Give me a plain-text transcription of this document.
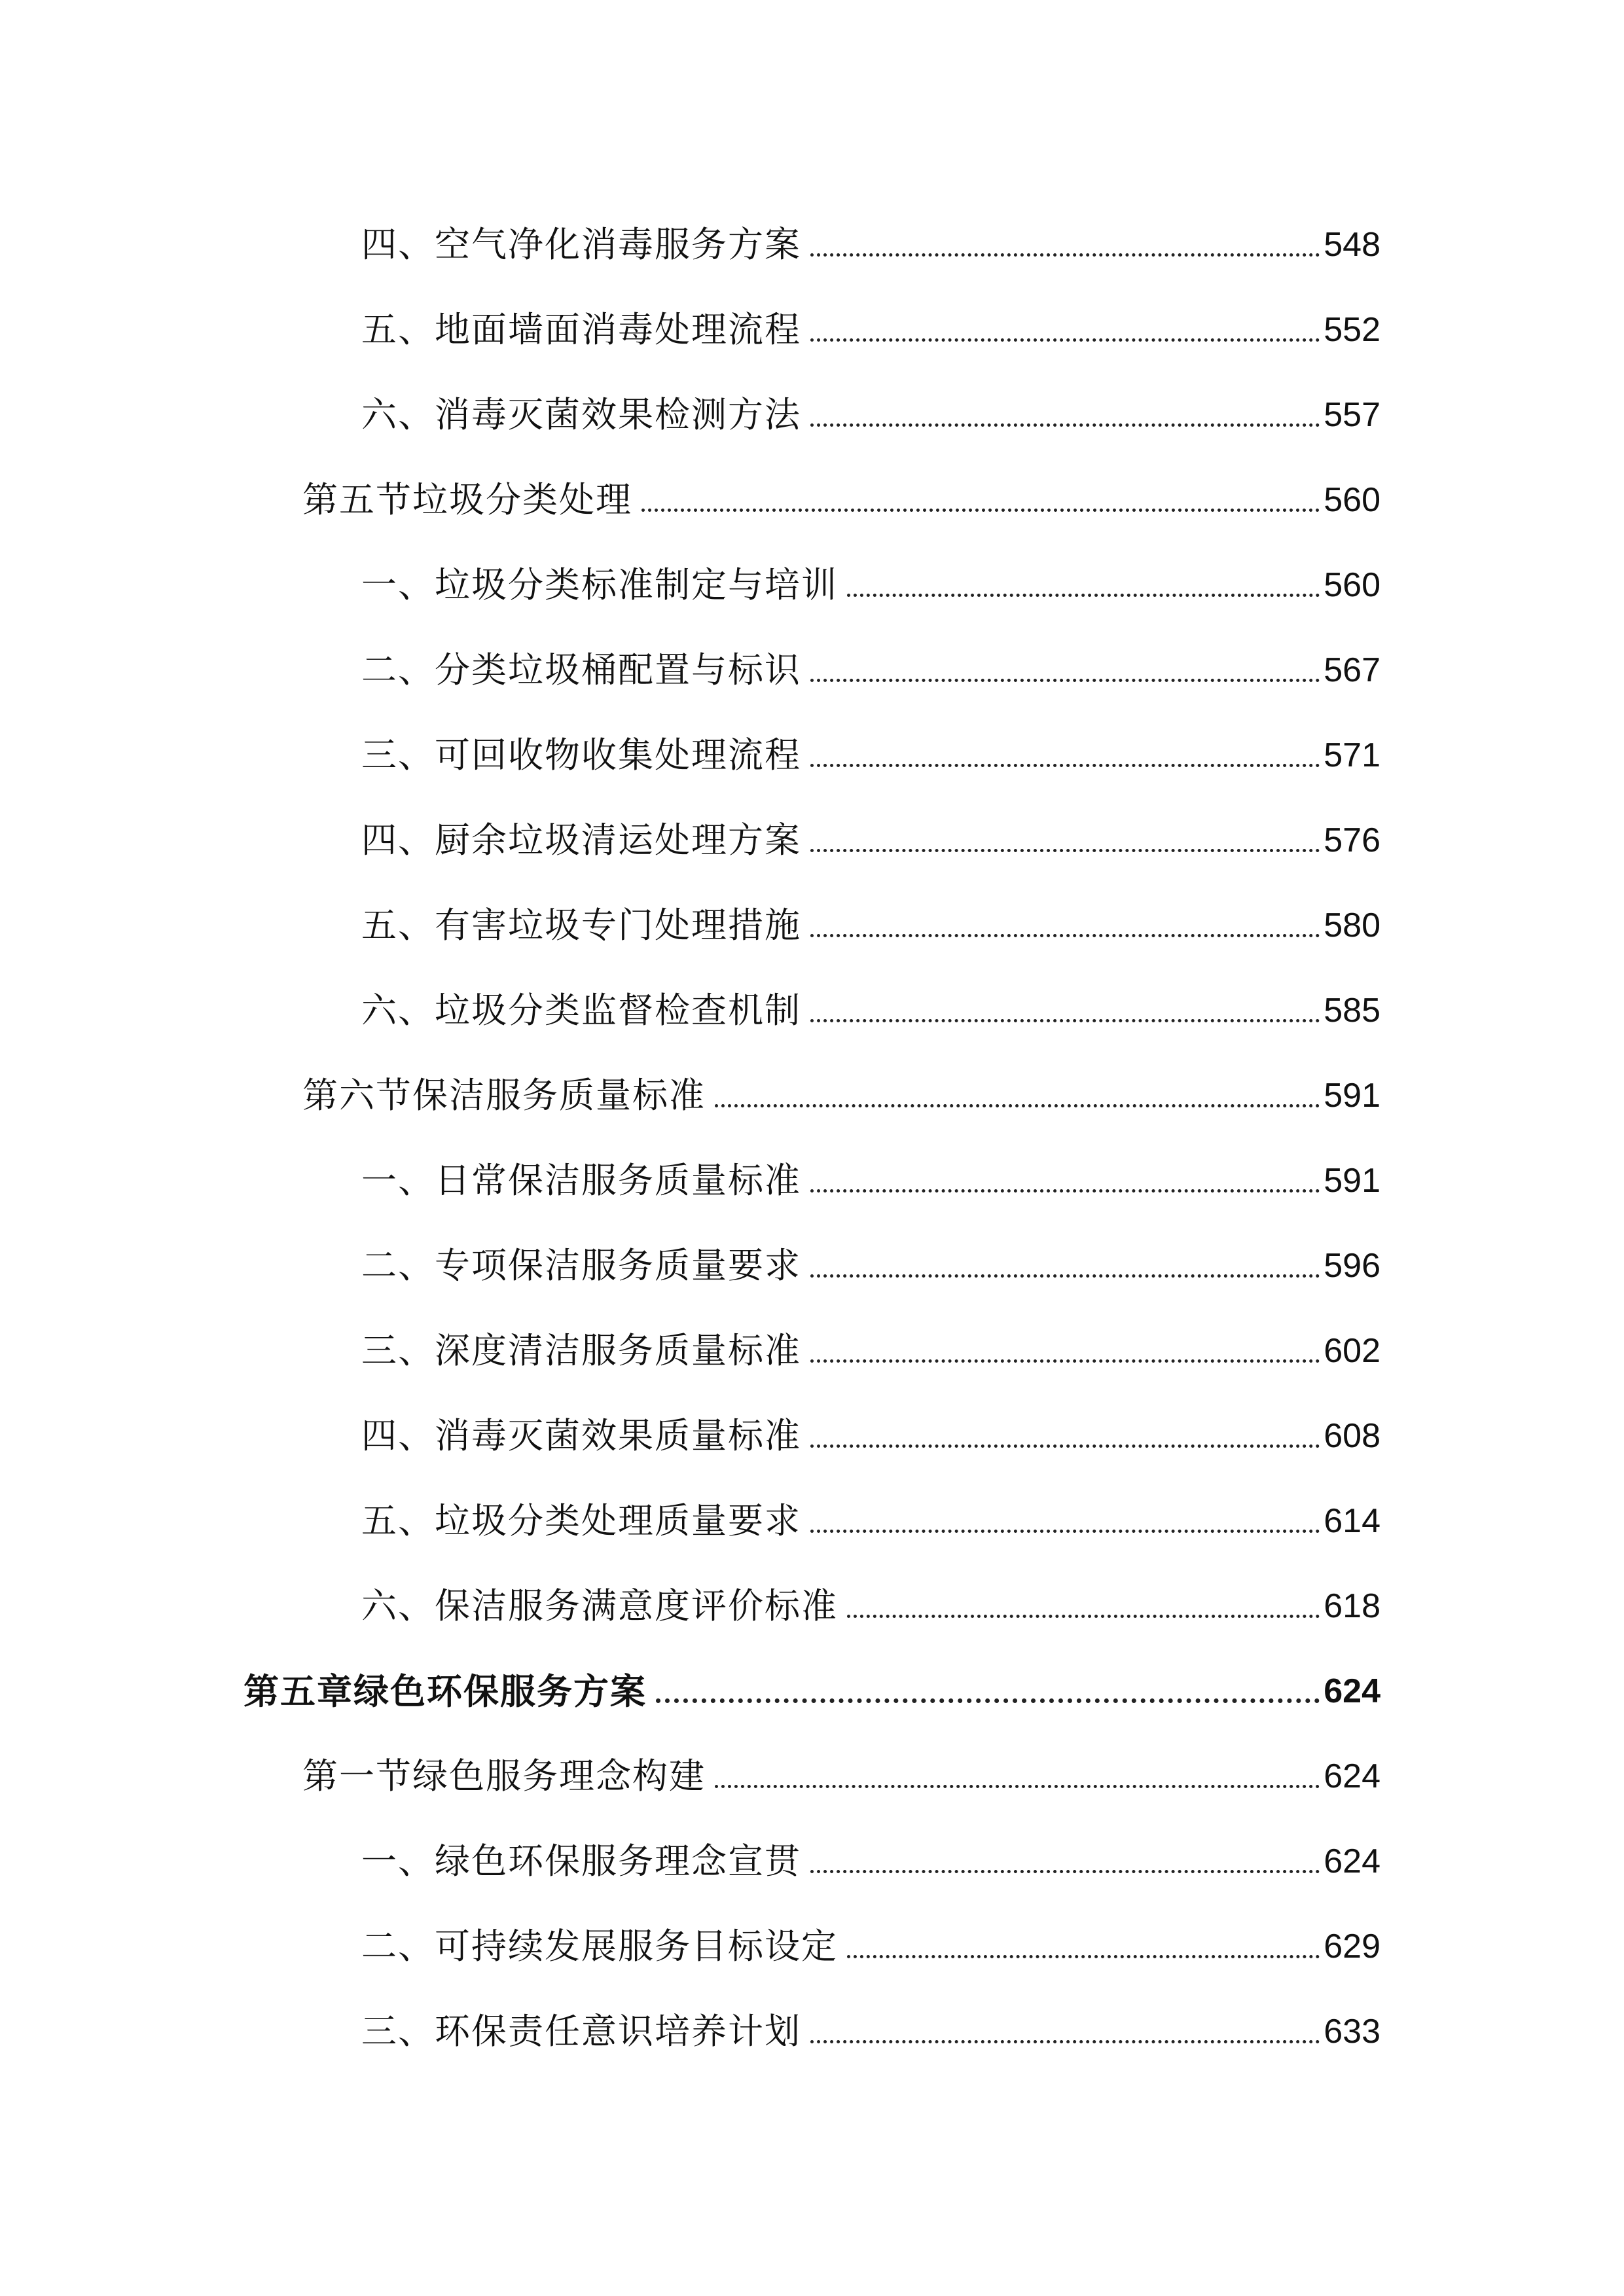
四、空气净化消毒服务方案	548
五、地面墙面消毒处理流程	552
六、消毒灭菌效果检测方法	557
第五节垃圾分类处理	560
一、垃圾分类标准制定与培训	560
二、分类垃圾桶配置与标识	567
三、可回收物收集处理流程	571
四、厨余垃圾清运处理方案	576
五、有害垃圾专门处理措施	580
六、垃圾分类监督检查机制	585
第六节保洁服务质量标准	591
一、日常保洁服务质量标准	591
二、专项保洁服务质量要求	596
三、深度清洁服务质量标准	602
四、消毒灭菌效果质量标准	608
五、垃圾分类处理质量要求	614
六、保洁服务满意度评价标准	618
第五章绿色环保服务方案	624
第一节绿色服务理念构建	624
一、绿色环保服务理念宣贯	624
二、可持续发展服务目标设定	629
三、环保责任意识培养计划	633
